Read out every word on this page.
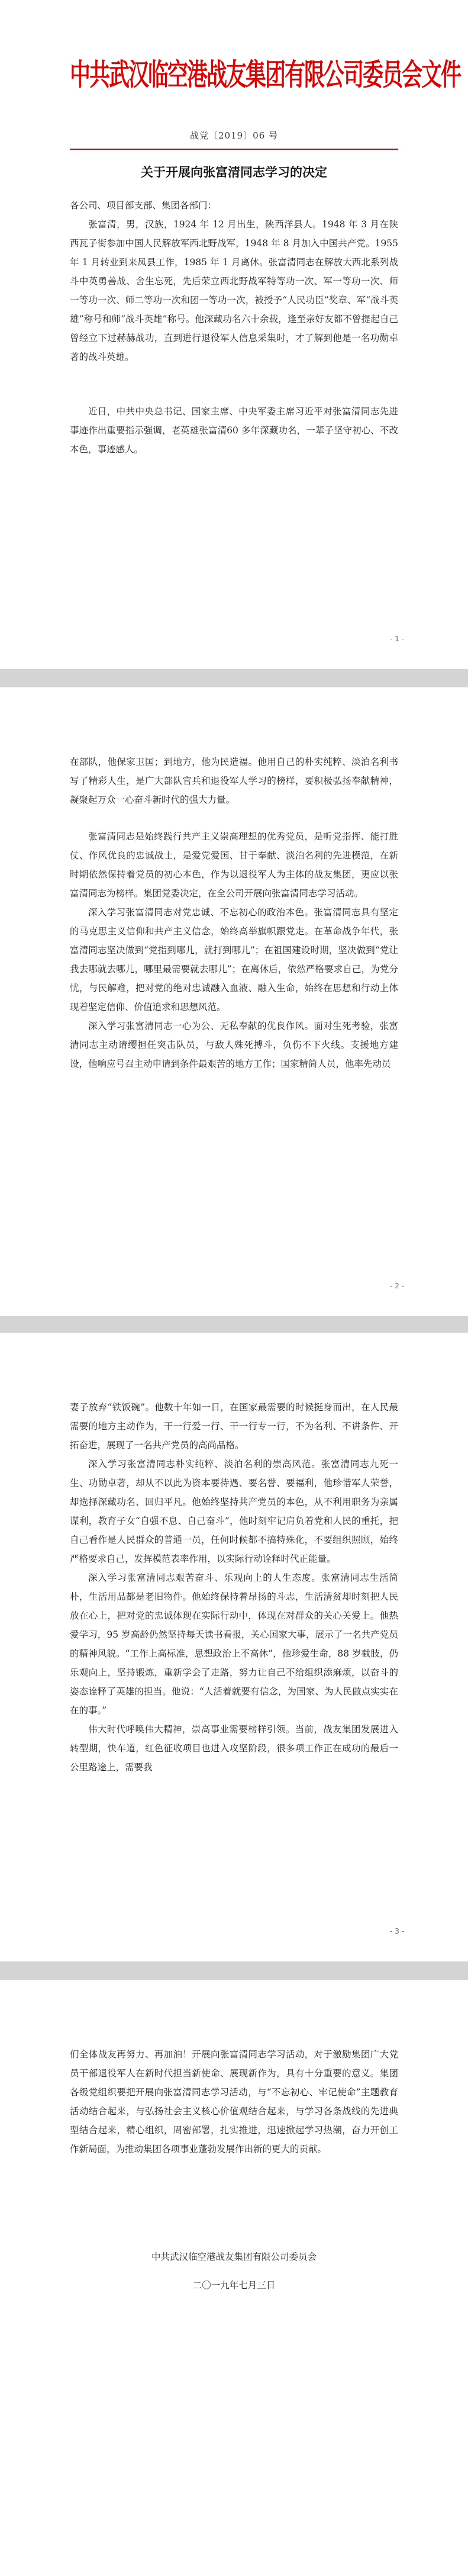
中共武汉临空港战友集团有限公司委员会文件
战党〔2019〕06 号
关于开展向张富清同志学习的决定
各公司、项目部支部、集团各部门：

张富清，男，汉族，1924 年 12 月出生，陕西洋县人。1948 年 3 月在陕西瓦子街参加中国人民解放军西北野战军，1948 年 8 月加入中国共产党。1955 年 1 月转业到来凤县工作，1985 年 1 月离休。张富清同志在解放大西北系列战斗中英勇善战、舍生忘死，先后荣立西北野战军特等功一次、军一等功一次、师一等功一次、师二等功一次和团一等功一次，被授予“人民功臣”奖章、军“战斗英雄”称号和师“战斗英雄”称号。他深藏功名六十余载，逢至亲好友都不曾提起自己曾经立下过赫赫战功，直到进行退役军人信息采集时，才了解到他是一名功勋卓著的战斗英雄。

近日，中共中央总书记、国家主席、中央军委主席习近平对张富清同志先进事迹作出重要指示强调，老英雄张富清60 多年深藏功名，一辈子坚守初心、不改本色，事迹感人。

- 1 -

在部队，他保家卫国；到地方，他为民造福。他用自己的朴实纯粹、淡泊名利书写了精彩人生，是广大部队官兵和退役军人学习的榜样，要积极弘扬奉献精神，凝聚起万众一心奋斗新时代的强大力量。

张富清同志是始终践行共产主义崇高理想的优秀党员，是听党指挥、能打胜仗、作风优良的忠诚战士，是爱党爱国、甘于奉献、淡泊名利的先进模范，在新时期依然保持着党员的初心本色，作为以退役军人为主体的战友集团，更应以张富清同志为榜样。集团党委决定，在全公司开展向张富清同志学习活动。

深入学习张富清同志对党忠诚、不忘初心的政治本色。张富清同志具有坚定的马克思主义信仰和共产主义信念，始终高举旗帜跟党走。在革命战争年代，张富清同志坚决做到“党指到哪儿，就打到哪儿”；在祖国建设时期，坚决做到“党让我去哪就去哪儿，哪里最需要就去哪儿”；在离休后，依然严格要求自己，为党分忧，与民解难，把对党的绝对忠诚融入血液、融入生命，始终在思想和行动上体现着坚定信仰、价值追求和思想风范。

深入学习张富清同志一心为公、无私奉献的优良作风。面对生死考验，张富清同志主动请缨担任突击队员，与敌人殊死搏斗，负伤不下火线。支援地方建设，他响应号召主动申请到条件最艰苦的地方工作；国家精简人员，他率先动员

- 2 -

妻子放弃“铁饭碗”。他数十年如一日，在国家最需要的时候挺身而出，在人民最需要的地方主动作为，干一行爱一行、干一行专一行，不为名利、不讲条件、开拓奋进，展现了一名共产党员的高尚品格。

深入学习张富清同志朴实纯粹、淡泊名利的崇高风范。张富清同志九死一生、功勋卓著，却从不以此为资本要待遇、要名誉、要福利，他珍惜军人荣誉，却选择深藏功名、回归平凡。他始终坚持共产党员的本色，从不利用职务为亲属谋利，教育子女“自强不息、自己奋斗”，他时刻牢记肩负着党和人民的重托，把自己看作是人民群众的普通一员，任何时候都不搞特殊化，不要组织照顾，始终严格要求自己，发挥模范表率作用，以实际行动诠释时代正能量。

深入学习张富清同志艰苦奋斗、乐观向上的人生态度。张富清同志生活简朴，生活用品都是老旧物件。他始终保持着昂扬的斗志，生活清贫却时刻把人民放在心上，把对党的忠诚体现在实际行动中，体现在对群众的关心关爱上。他热爱学习，95 岁高龄仍然坚持每天读书看报，关心国家大事，展示了一名共产党员的精神风貌。“工作上高标准，思想政治上不高休”，他珍爱生命，88 岁截肢，仍乐观向上，坚持锻炼，重新学会了走路，努力让自己不给组织添麻烦，以奋斗的姿态诠释了英雄的担当。他说：“人活着就要有信念，为国家、为人民做点实实在在的事。”

伟大时代呼唤伟大精神，崇高事业需要榜样引领。当前，战友集团发展进入转型期，快车道，红色征收项目也进入攻坚阶段，很多项工作正在成功的最后一公里路途上，需要我

- 3 -

们全体战友再努力、再加油！开展向张富清同志学习活动，对于激励集团广大党员干部退役军人在新时代担当新使命、展现新作为，具有十分重要的意义。集团各级党组织要把开展向张富清同志学习活动，与“不忘初心、牢记使命”主题教育活动结合起来，与弘扬社会主义核心价值观结合起来，与学习各条战线的先进典型结合起来，精心组织，周密部署，扎实推进，迅速掀起学习热潮，奋力开创工作新局面，为推动集团各项事业蓬勃发展作出新的更大的贡献。

中共武汉临空港战友集团有限公司委员会
二〇一九年七月三日
